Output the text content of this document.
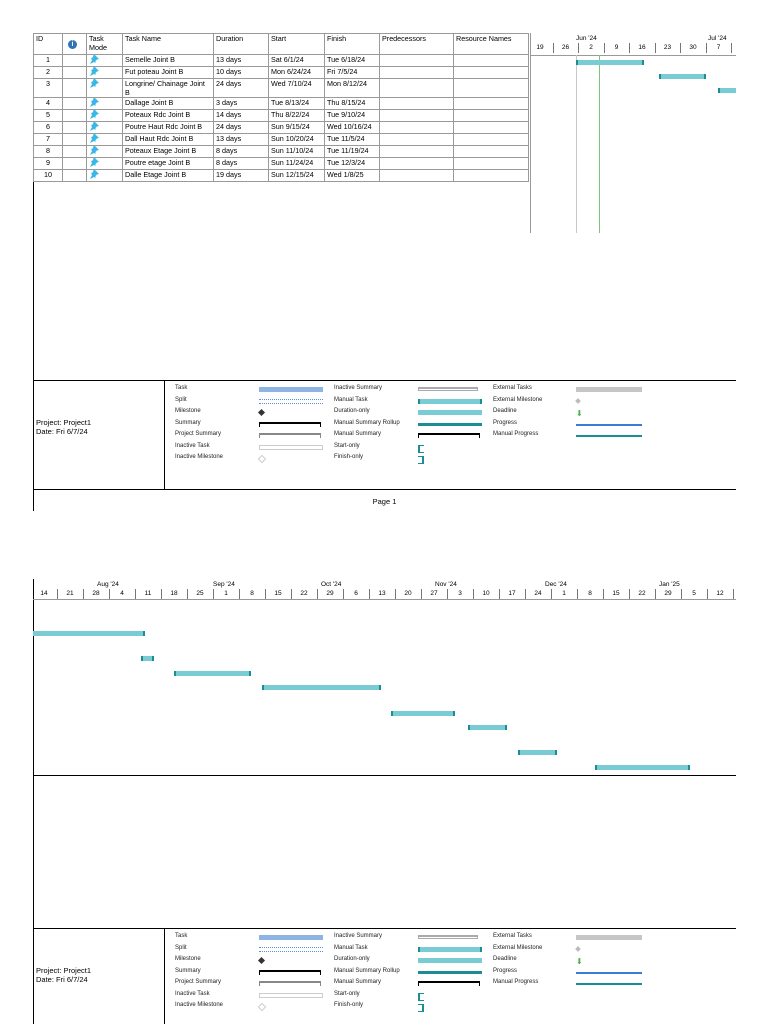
ID	i	Task Mode	Task Name	Duration	Start	Finish	Predecessors	Resource Names
1			Semelle Joint B	13 days	Sat 6/1/24	Tue 6/18/24		
2			Fut poteau Joint B	10 days	Mon 6/24/24	Fri 7/5/24		
3			Longrine/ Chainage Joint B	24 days	Wed 7/10/24	Mon 8/12/24		
4			Dallage Joint B	3 days	Tue 8/13/24	Thu 8/15/24		
5			Poteaux Rdc Joint B	14 days	Thu 8/22/24	Tue 9/10/24		
6			Poutre Haut Rdc Joint B	24 days	Sun 9/15/24	Wed 10/16/24		
7			Dall Haut Rdc Joint B	13 days	Sun 10/20/24	Tue 11/5/24		
8			Poteaux Etage Joint B	8 days	Sun 11/10/24	Tue 11/19/24		
9			Poutre etage Joint B	8 days	Sun 11/24/24	Tue 12/3/24		
10			Dalle Etage Joint B	19 days	Sun 12/15/24	Wed 1/8/25		
Jun '24	Jul '24
19	26	2	9	16	23	30	7
Project: Project1
Date: Fri 6/7/24
Task
Split
Milestone
Summary
Project Summary
Inactive Task
Inactive Milestone
Inactive Summary
Manual Task
Duration-only
Manual Summary Rollup
Manual Summary
Start-only
Finish-only
External Tasks
External Milestone
Deadline	⬇
Progress
Manual Progress
Page 1
Aug '24	Sep '24	Oct '24	Nov '24	Dec '24	Jan '25
14	21	28	4	11	18	25	1	8	15	22	29	6	13	20	27	3	10	17	24	1	8	15	22	29	5	12
Project: Project1
Date: Fri 6/7/24
Task
Split
Milestone
Summary
Project Summary
Inactive Task
Inactive Milestone
Inactive Summary
Manual Task
Duration-only
Manual Summary Rollup
Manual Summary
Start-only
Finish-only
External Tasks
External Milestone
Deadline	⬇
Progress
Manual Progress
